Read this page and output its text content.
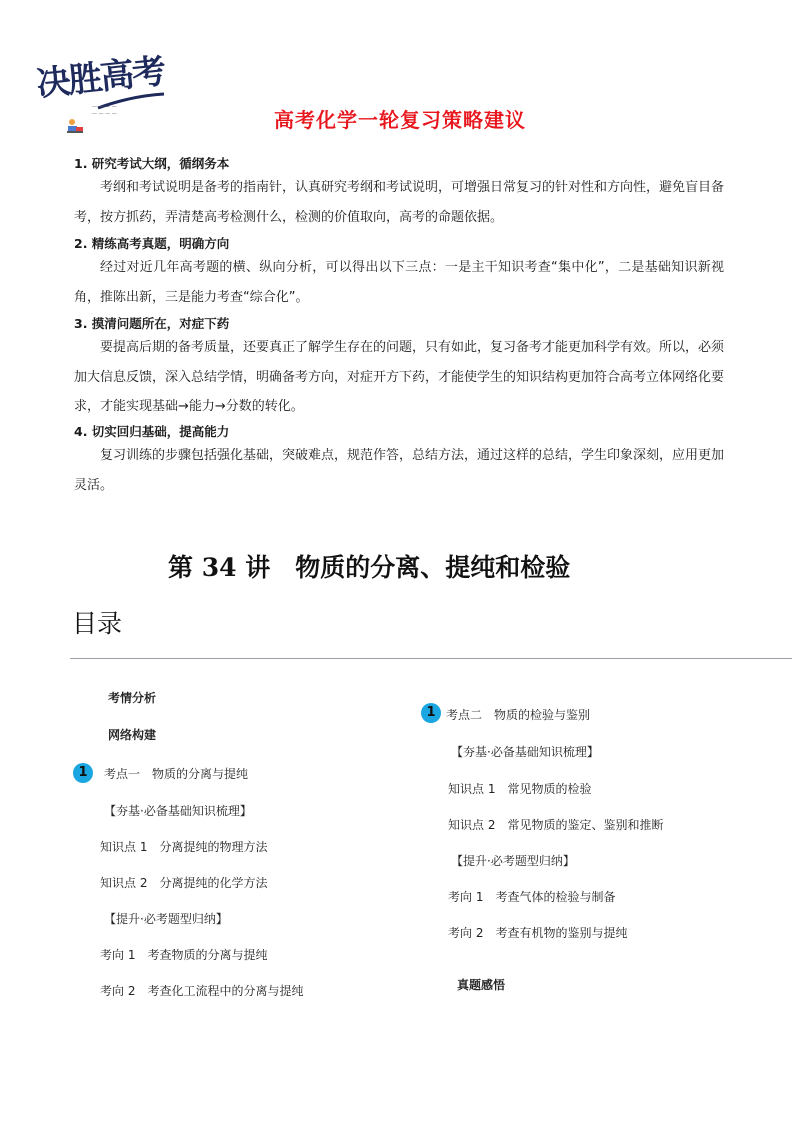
决胜高考
— — — —
— — — —	高考化学一轮复习策略建议
1. 研究考试大纲，循纲务本
考纲和考试说明是备考的指南针，认真研究考纲和考试说明，可增强日常复习的针对性和方向性，避免盲目备考，按方抓药，弄清楚高考检测什么，检测的价值取向，高考的命题依据。
2. 精练高考真题，明确方向
经过对近几年高考题的横、纵向分析，可以得出以下三点：一是主干知识考查“集中化”，二是基础知识新视角，推陈出新，三是能力考查“综合化”。
3. 摸清问题所在，对症下药
要提高后期的备考质量，还要真正了解学生存在的问题，只有如此，复习备考才能更加科学有效。所以，必须加大信息反馈，深入总结学情，明确备考方向，对症开方下药，才能使学生的知识结构更加符合高考立体网络化要求，才能实现基础→能力→分数的转化。
4. 切实回归基础，提高能力
复习训练的步骤包括强化基础，突破难点，规范作答，总结方法，通过这样的总结，学生印象深刻，应用更加灵活。
第 34 讲　物质的分离、提纯和检验
目录
考情分析
网络构建
1	考点一　物质的分离与提纯
【夯基·必备基础知识梳理】
知识点 1　分离提纯的物理方法
知识点 2　分离提纯的化学方法
【提升·必考题型归纳】
考向 1　考查物质的分离与提纯
考向 2　考查化工流程中的分离与提纯
1 考点二　物质的检验与鉴别
【夯基·必备基础知识梳理】
知识点 1　常见物质的检验
知识点 2　常见物质的鉴定、鉴别和推断
【提升·必考题型归纳】
考向 1　考查气体的检验与制备
考向 2　考查有机物的鉴别与提纯
真题感悟
